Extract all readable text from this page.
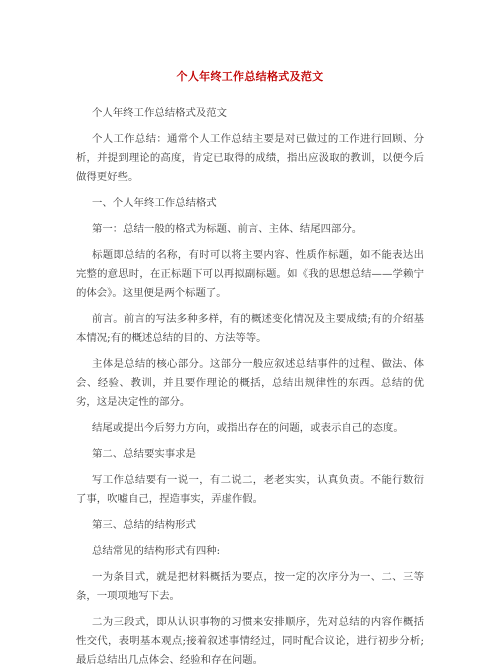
个人年终工作总结格式及范文

个人年终工作总结格式及范文

个人工作总结：通常个人工作总结主要是对已做过的工作进行回顾、分析，并提到理论的高度，肯定已取得的成绩，指出应汲取的教训，以便今后做得更好些。

一、个人年终工作总结格式

第一：总结一般的格式为标题、前言、主体、结尾四部分。

标题即总结的名称，有时可以将主要内容、性质作标题，如不能表达出完整的意思时，在正标题下可以再拟副标题。如《我的思想总结——学赖宁的体会》。这里便是两个标题了。

前言。前言的写法多种多样，有的概述变化情况及主要成绩;有的介绍基本情况;有的概述总结的目的、方法等等。

主体是总结的核心部分。这部分一般应叙述总结事件的过程、做法、体会、经验、教训，并且要作理论的概括，总结出规律性的东西。总结的优劣，这是决定性的部分。

结尾或提出今后努力方向，或指出存在的问题，或表示自己的态度。

第二、总结要实事求是

写工作总结要有一说一，有二说二，老老实实，认真负责。不能行数衍了事，吹嘘自己，捏造事实，弄虚作假。

第三、总结的结构形式

总结常见的结构形式有四种:

一为条目式，就是把材料概括为要点，按一定的次序分为一、二、三等条，一项项地写下去。

二为三段式，即从认识事物的习惯来安排顺序，先对总结的内容作概括性交代，表明基本观点;接着叙述事情经过，同时配合议论，进行初步分析;最后总结出几点体会、经验和存在问题。
